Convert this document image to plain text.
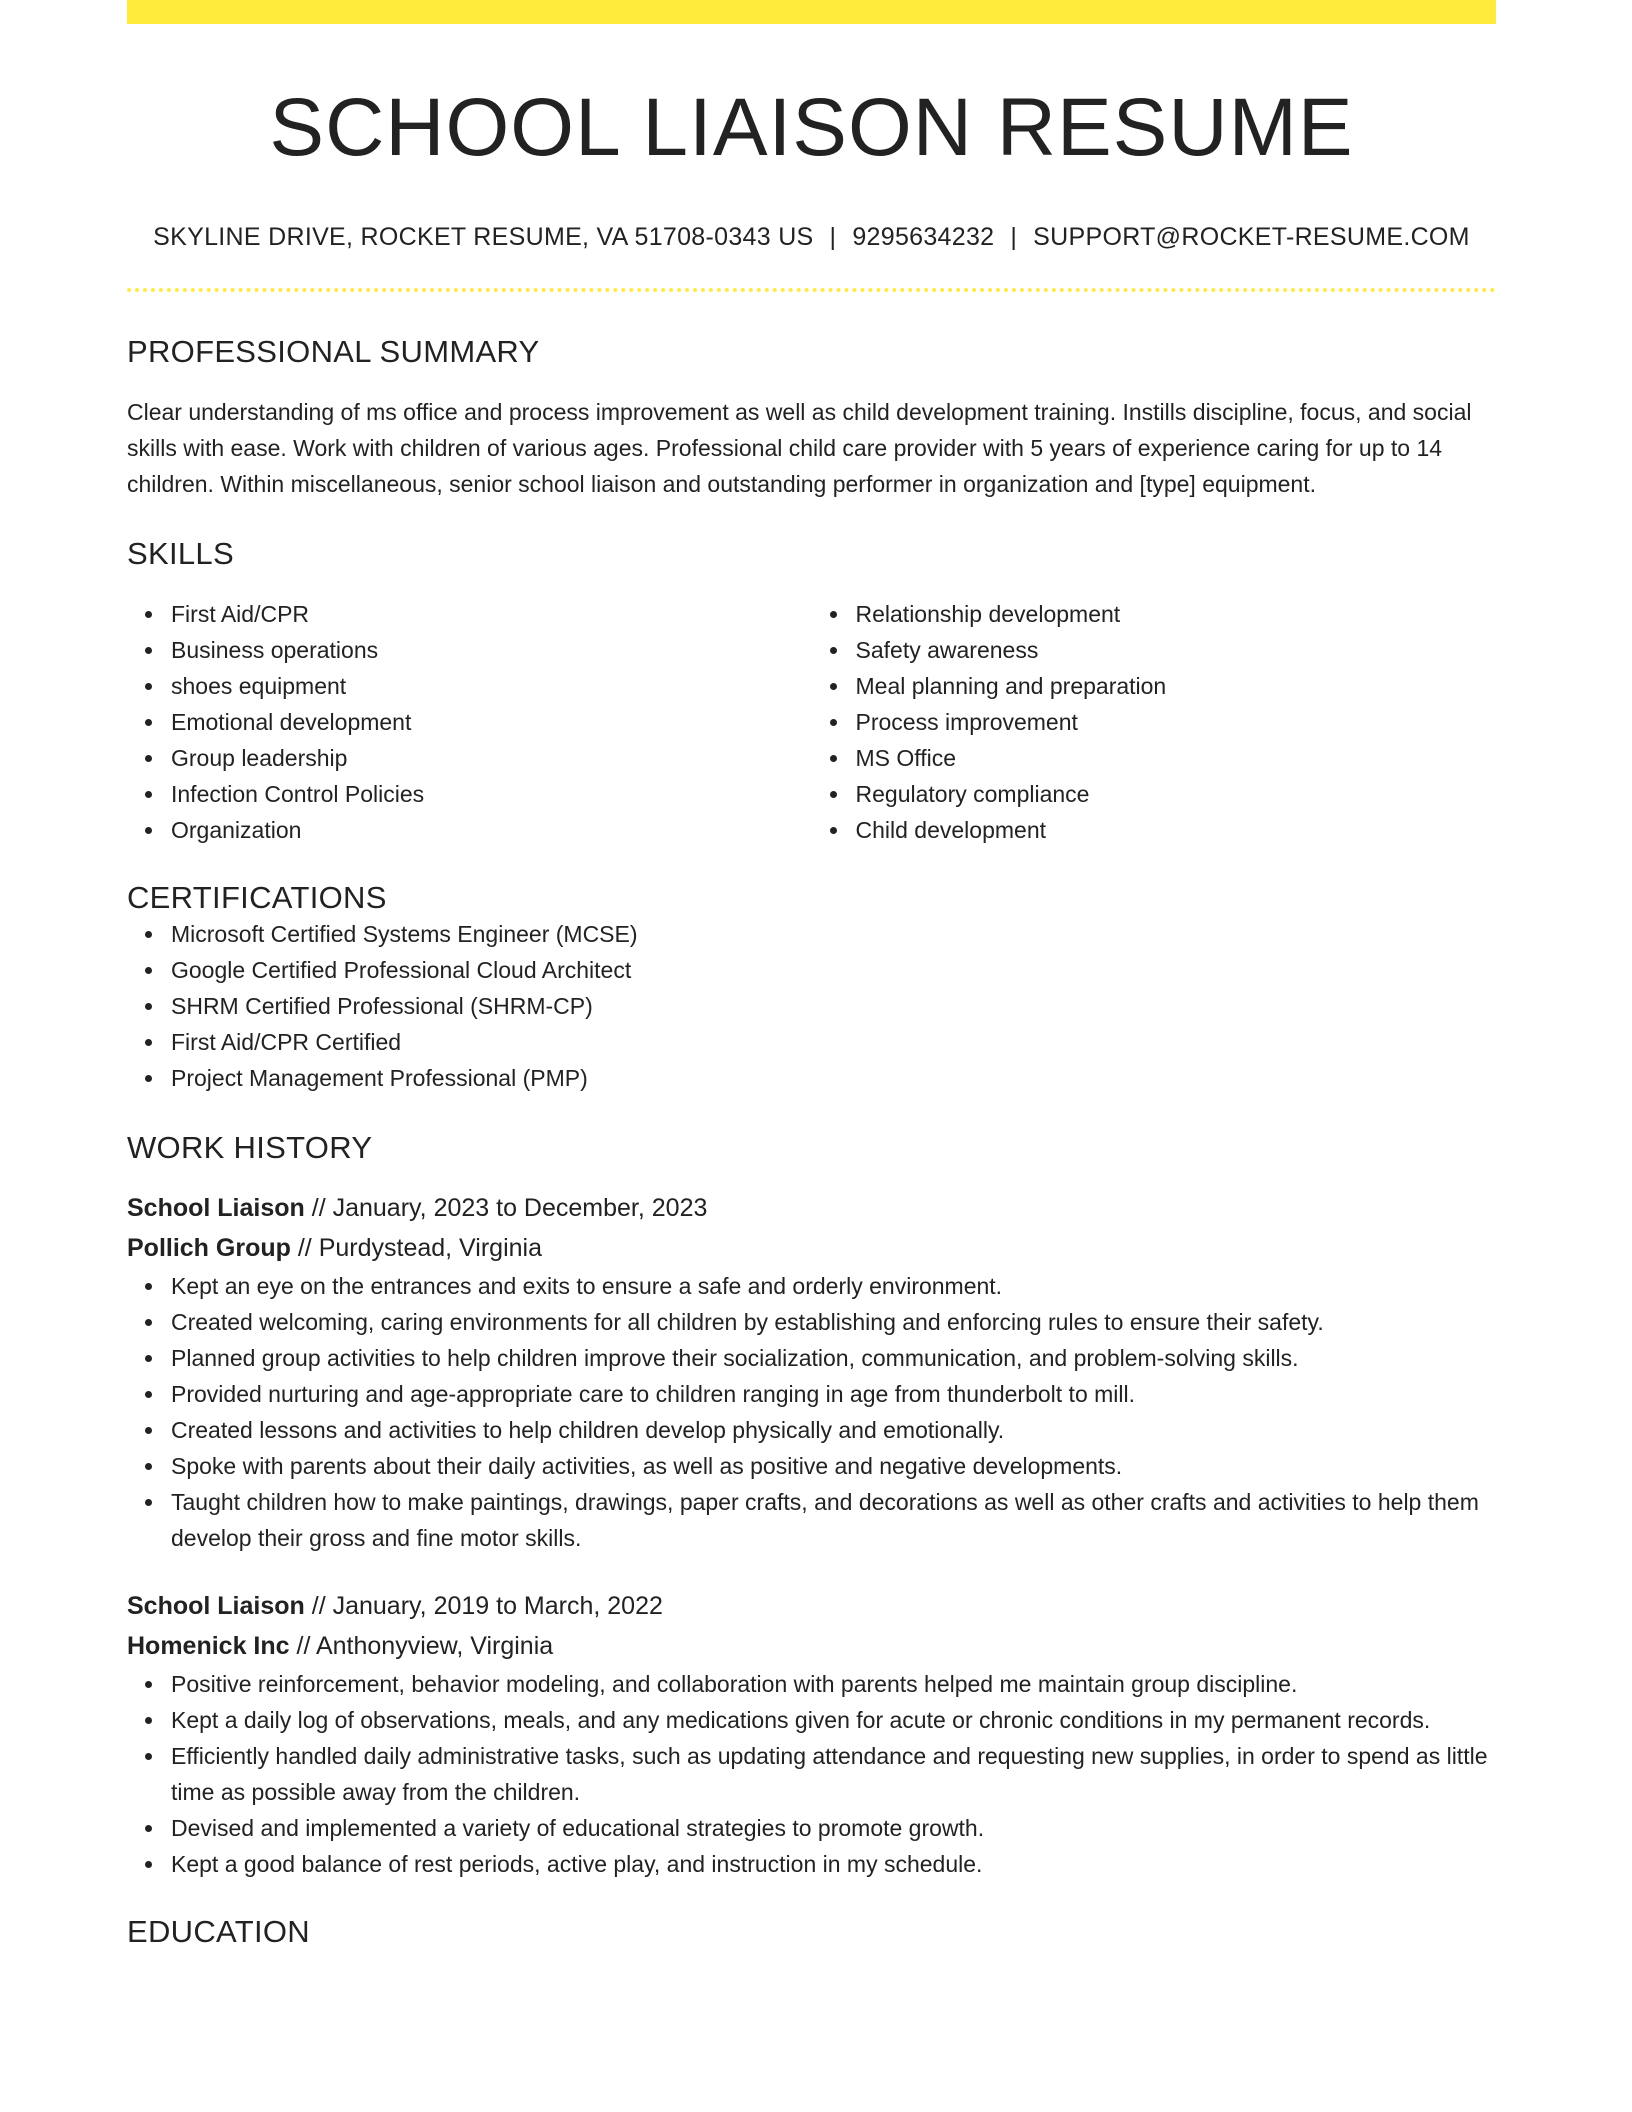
SCHOOL LIAISON RESUME
SKYLINE DRIVE, ROCKET RESUME, VA 51708-0343 US | 9295634232 | SUPPORT@ROCKET-RESUME.COM
PROFESSIONAL SUMMARY

Clear understanding of ms office and process improvement as well as child development training. Instills discipline, focus, and social skills with ease. Work with children of various ages. Professional child care provider with 5 years of experience caring for up to 14 children. Within miscellaneous, senior school liaison and outstanding performer in organization and [type] equipment.

SKILLS
First Aid/CPR
Business operations
shoes equipment
Emotional development
Group leadership
Infection Control Policies
Organization
Relationship development
Safety awareness
Meal planning and preparation
Process improvement
MS Office
Regulatory compliance
Child development
CERTIFICATIONS
Microsoft Certified Systems Engineer (MCSE)
Google Certified Professional Cloud Architect
SHRM Certified Professional (SHRM-CP)
First Aid/CPR Certified
Project Management Professional (PMP)
WORK HISTORY
School Liaison // January, 2023 to December, 2023
Pollich Group // Purdystead, Virginia
Kept an eye on the entrances and exits to ensure a safe and orderly environment.
Created welcoming, caring environments for all children by establishing and enforcing rules to ensure their safety.
Planned group activities to help children improve their socialization, communication, and problem-solving skills.
Provided nurturing and age-appropriate care to children ranging in age from thunderbolt to mill.
Created lessons and activities to help children develop physically and emotionally.
Spoke with parents about their daily activities, as well as positive and negative developments.
Taught children how to make paintings, drawings, paper crafts, and decorations as well as other crafts and activities to help them develop their gross and fine motor skills.
School Liaison // January, 2019 to March, 2022
Homenick Inc // Anthonyview, Virginia
Positive reinforcement, behavior modeling, and collaboration with parents helped me maintain group discipline.
Kept a daily log of observations, meals, and any medications given for acute or chronic conditions in my permanent records.
Efficiently handled daily administrative tasks, such as updating attendance and requesting new supplies, in order to spend as little time as possible away from the children.
Devised and implemented a variety of educational strategies to promote growth.
Kept a good balance of rest periods, active play, and instruction in my schedule.
EDUCATION
